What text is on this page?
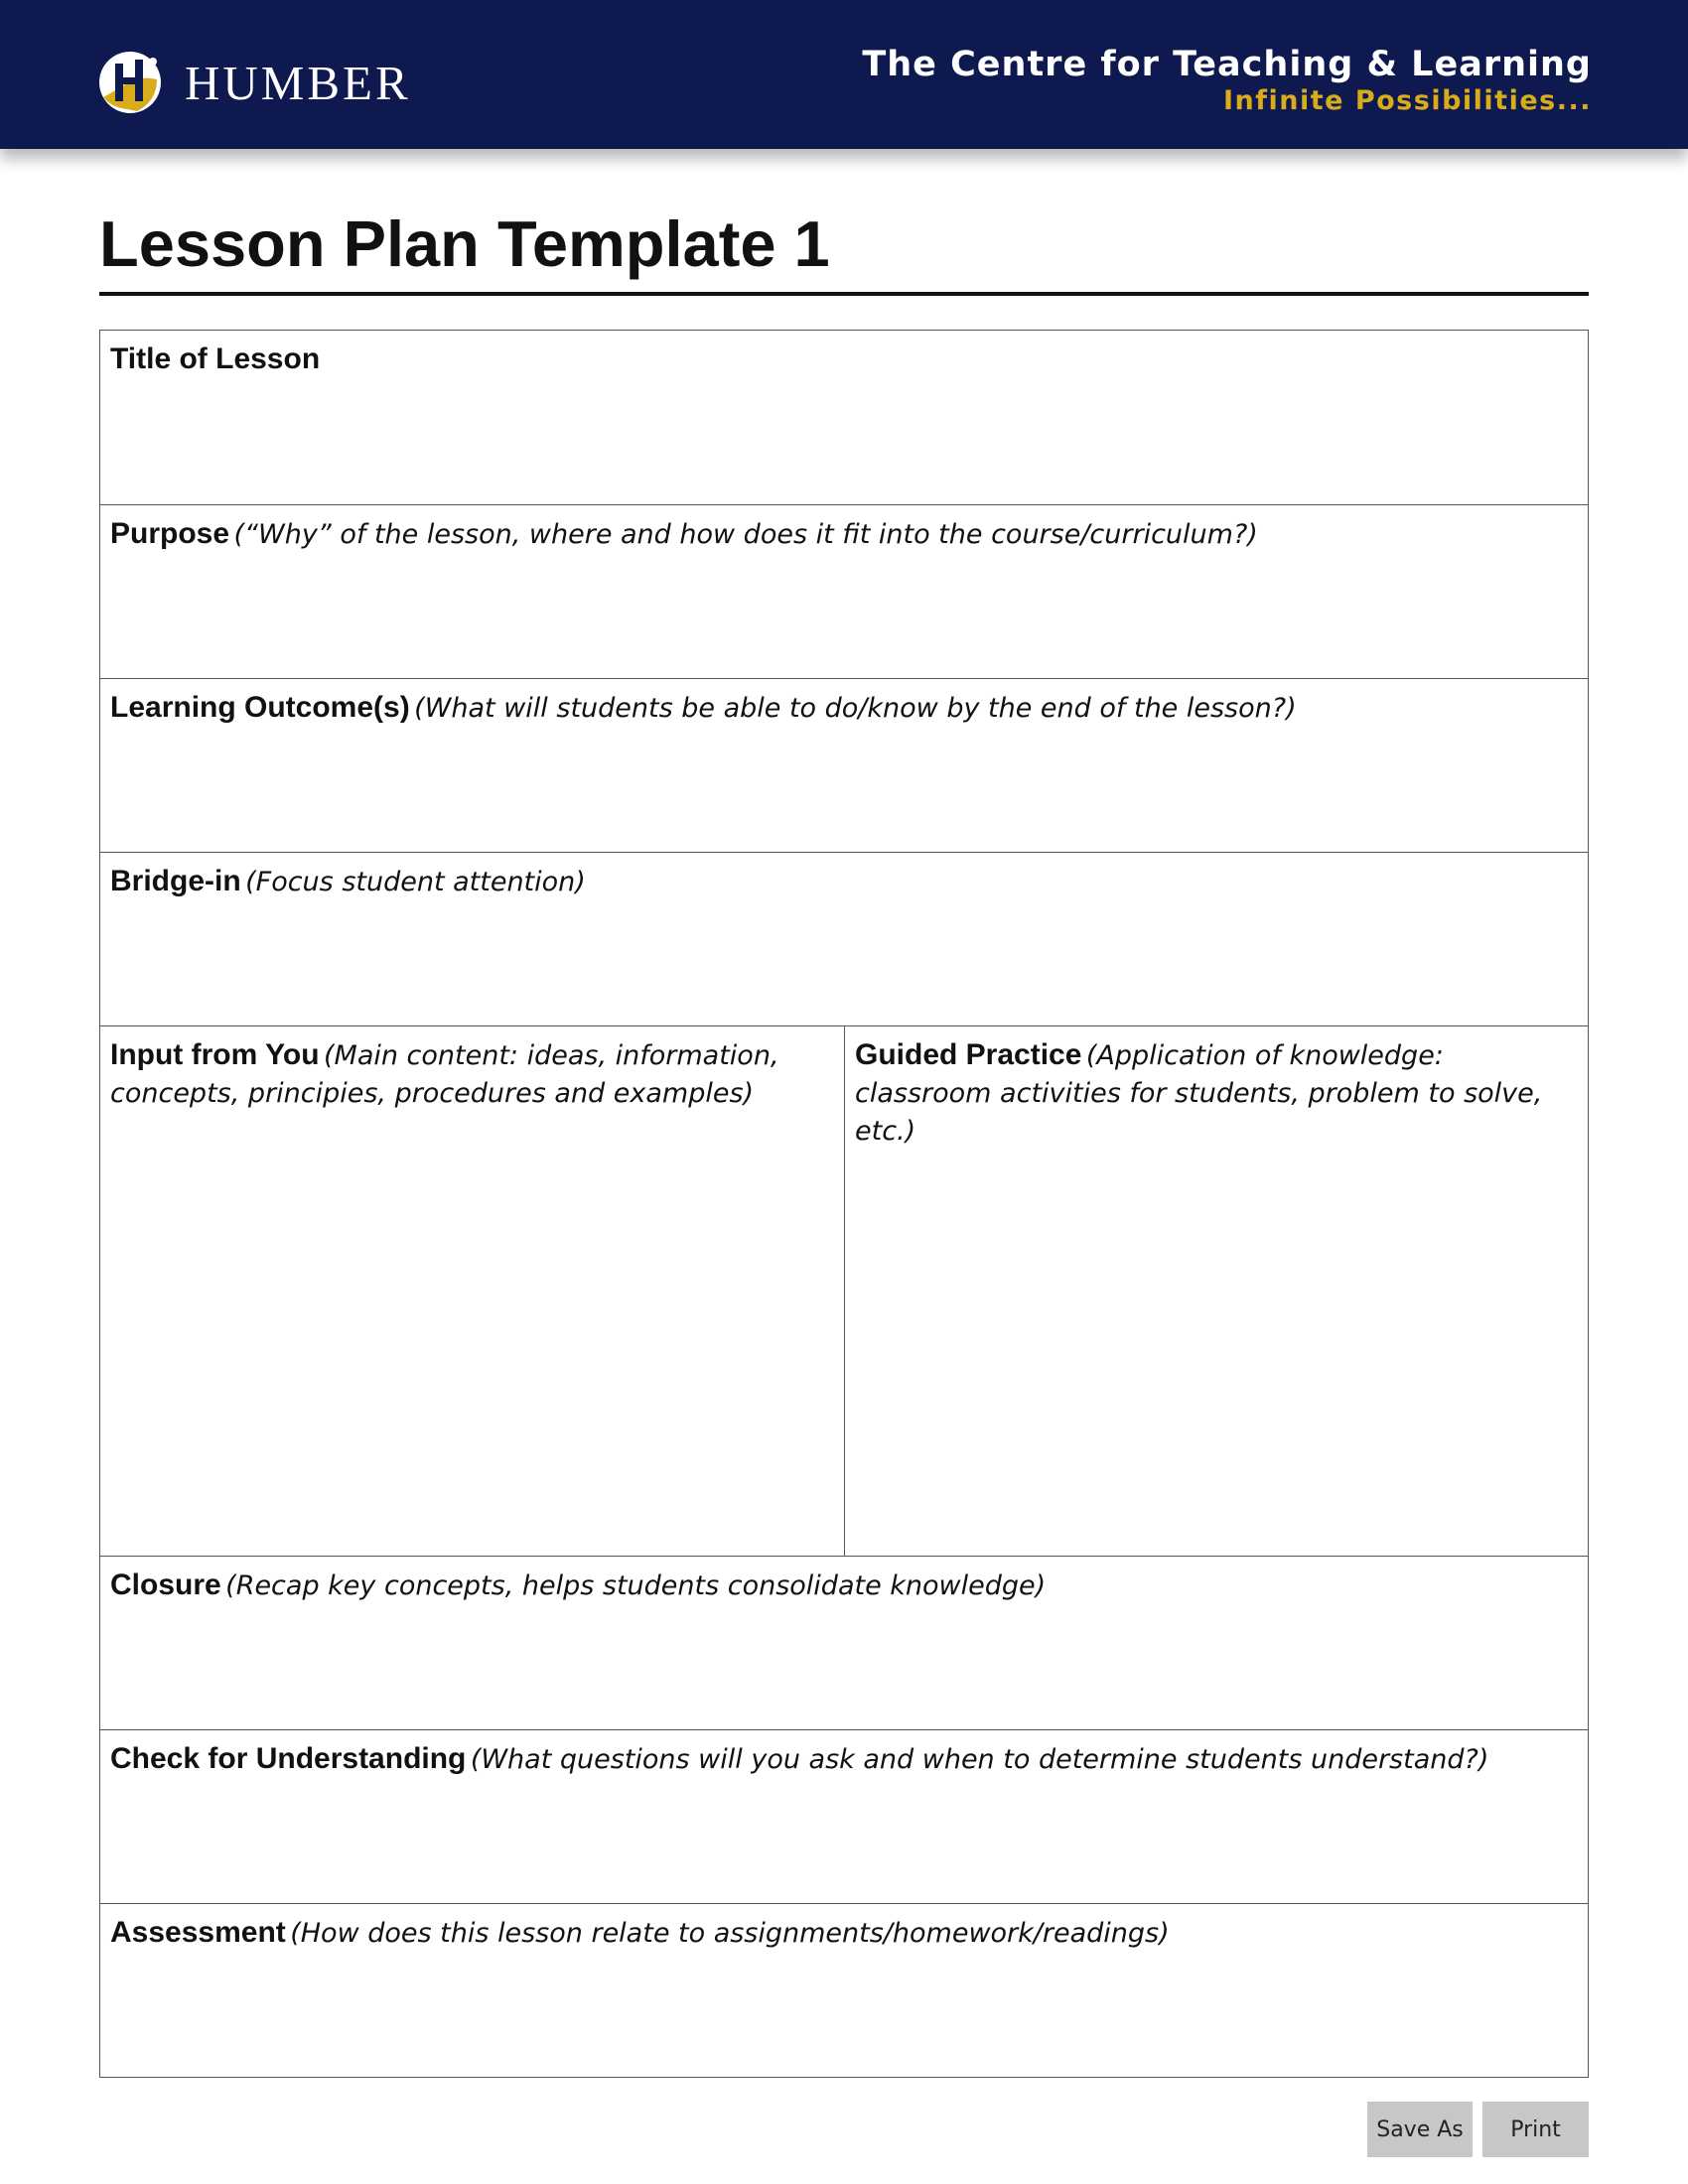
HUMBER	The Centre for Teaching & Learning
Infinite Possibilities...
Lesson Plan Template 1
Title of Lesson
Purpose (“Why” of the lesson, where and how does it fit into the course/curriculum?)
Learning Outcome(s) (What will students be able to do/know by the end of the lesson?)
Bridge-in (Focus student attention)
Input from You (Main content: ideas, information, concepts, principies, procedures and examples)
Guided Practice (Application of knowledge: classroom activities for students, problem to solve, etc.)
Closure (Recap key concepts, helps students consolidate knowledge)
Check for Understanding (What questions will you ask and when to determine students understand?)
Assessment (How does this lesson relate to assignments/homework/readings)
Save As	Print
